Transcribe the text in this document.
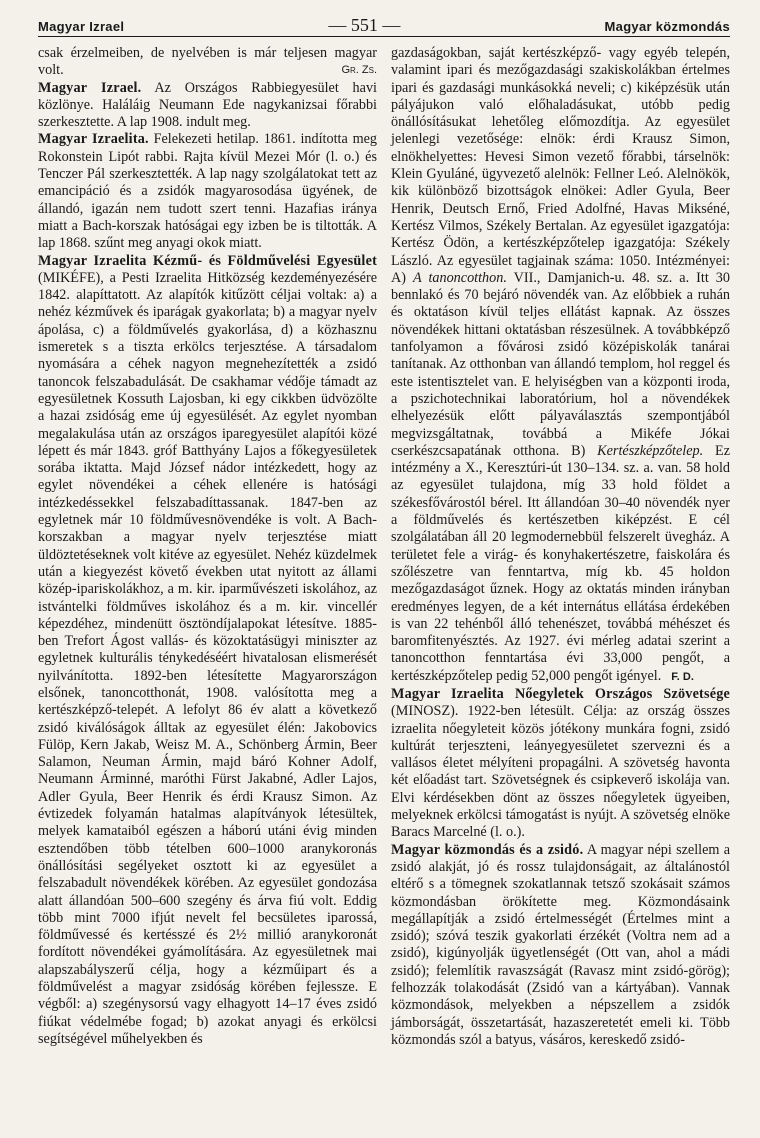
Magyar Izrael	— 551 —	Magyar közmondás

csak érzelmeiben, de nyelvében is már teljesen magyar volt.	Gr. Zs.

Magyar Izrael. Az Országos Rabbiegyesület havi közlönye. Haláláig Neumann Ede nagykanizsai főrabbi szerkesztette. A lap 1908. indult meg.

Magyar Izraelita. Felekezeti hetilap. 1861. indította meg Rokonstein Lipót rabbi. Rajta kívül Mezei Mór (l. o.) és Tenczer Pál szerkesztették. A lap nagy szolgálatokat tett az emancipáció és a zsidók magyarosodása ügyének, de állandó, igazán nem tudott szert tenni. Hazafias iránya miatt a Bach-korszak hatóságai egy izben be is tiltották. A lap 1868. szűnt meg anyagi okok miatt.

Magyar Izraelita Kézmű- és Földművelési Egyesület (MIKÉFE), a Pesti Izraelita Hitközség kezdeményezésére 1842. alapíttatott. Az alapítók kitűzött céljai voltak: a) a nehéz kézművek és iparágak gyakorlata; b) a magyar nyelv ápolása, c) a földművelés gyakorlása, d) a közhasznu ismeretek s a tiszta erkölcs terjesztése. A társadalom nyomására a céhek nagyon megnehezítették a zsidó tanoncok felszabadulását. De csakhamar védője támadt az egyesületnek Kossuth Lajosban, ki egy cikkben üdvözölte a hazai zsidóság eme új egyesülését. Az egylet nyomban megalakulása után az országos iparegyesület alapítói közé lépett és már 1843. gróf Batthyány Lajos a főkegyesületek sorába iktatta. Majd József nádor intézkedett, hogy az egylet növendékei a céhek ellenére is hatósági intézkedéssekkel felszabadíttassanak. 1847-ben az egyletnek már 10 földművesnövendéke is volt. A Bach-korszakban a magyar nyelv terjesztése miatt üldöztetéseknek volt kitéve az egyesület. Nehéz küzdelmek után a kiegyezést követő években utat nyitott az állami közép-ipariskolákhoz, a m. kir. iparművészeti iskolához, az istvántelki földműves iskolához és a m. kir. vincellér képezdéhez, mindenütt ösztöndíjalapokat létesítve. 1885-ben Trefort Ágost vallás- és közoktatásügyi miniszter az egyletnek kulturális ténykedéséért hivatalosan elismerését nyilvánította. 1892-ben létesítette Magyarországon elsőnek, tanoncotthonát, 1908. valósította meg a kertészképző-telepét. A lefolyt 86 év alatt a következő zsidó kiválóságok álltak az egyesület élén: Jakobovics Fülöp, Kern Jakab, Weisz M. A., Schönberg Ármin, Beer Salamon, Neuman Ármin, majd báró Kohner Adolf, Neumann Árminné, maróthi Fürst Jakabné, Adler Lajos, Adler Gyula, Beer Henrik és érdi Krausz Simon. Az évtizedek folyamán hatalmas alapítványok létesültek, melyek kamataiból egészen a háború utáni évig minden esztendőben több tételben 600–1000 aranykoronás önállósítási segélyeket osztott ki az egyesület a felszabadult növendékek körében. Az egyesület gondozása alatt állandóan 500–600 szegény és árva fiú volt. Eddig több mint 7000 ifjút nevelt fel becsületes iparossá, földművessé és kertésszé és 2½ millió aranykoronát fordított növendékei gyámolítására. Az egyesületnek mai alapszabályszerű célja, hogy a kézműipart és a földművelést a magyar zsidóság körében fejlessze. E végből: a) szegénysorsú vagy elhagyott 14–17 éves zsidó fiúkat védelmébe fogad; b) azokat anyagi és erkölcsi segítségével műhelyekben és

gazdaságokban, saját kertészképző- vagy egyéb telepén, valamint ipari és mezőgazdasági szakiskolákban értelmes ipari és gazdasági munkásokká neveli; c) kiképzésük után pályájukon való előhaladásukat, utóbb pedig önállósításukat lehetőleg előmozdítja. Az egyesület jelenlegi vezetősége: elnök: érdi Krausz Simon, elnökhelyettes: Hevesi Simon vezető főrabbi, társelnök: Klein Gyuláné, ügyvezető alelnök: Fellner Leó. Alelnökök, kik különböző bizottságok elnökei: Adler Gyula, Beer Henrik, Deutsch Ernő, Fried Adolfné, Havas Mikséné, Kertész Vilmos, Székely Bertalan. Az egyesület igazgatója: Kertész Ödön, a kertészképzőtelep igazgatója: Székely László. Az egyesület tagjainak száma: 1050. Intézményei: A) A tanoncotthon. VII., Damjanich-u. 48. sz. a. Itt 30 bennlakó és 70 bejáró növendék van. Az előbbiek a ruhán és oktatáson kívül teljes ellátást kapnak. Az összes növendékek hittani oktatásban részesülnek. A továbbképző tanfolyamon a fővárosi zsidó középiskolák tanárai tanítanak. Az otthonban van állandó templom, hol reggel és este istentisztelet van. E helyiségben van a központi iroda, a pszichotechnikai laboratórium, hol a növendékek elhelyezésük előtt pályaválasztás szempontjából megvizsgáltatnak, továbbá a Mikéfe Jókai cserkészcsapatának otthona. B) Kertészképzőtelep. Ez intézmény a X., Keresztúri-út 130–134. sz. a. van. 58 hold az egyesület tulajdona, míg 33 hold földet a székesfővárostól bérel. Itt állandóan 30–40 növendék nyer a földművelés és kertészetben kiképzést. E cél szolgálatában áll 20 legmodernebbül felszerelt üvegház. A területet fele a virág- és konyhakertészetre, faiskolára és szőlészetre van fenntartva, míg kb. 45 holdon mezőgazdaságot űznek. Hogy az oktatás minden irányban eredményes legyen, de a két internátus ellátása érdekében is van 22 tehénből álló tehenészet, továbbá méhészet és baromfitenyésztés. Az 1927. évi mérleg adatai szerint a tanoncotthon fenntartása évi 33,000 pengőt, a kertészképzőtelep pedig 52,000 pengőt igényel. F. D.

Magyar Izraelita Nőegyletek Országos Szövetsége (MINOSZ). 1922-ben létesült. Célja: az ország összes izraelita nőegyleteit közös jótékony munkára fogni, zsidó kultúrát terjeszteni, leányegyesületet szervezni és a vallásos életet mélyíteni propagálni. A szövetség havonta két előadást tart. Szövetségnek és csipkeverő iskolája van. Elvi kérdésekben dönt az összes nőegyletek ügyeiben, melyeknek erkölcsi támogatást is nyújt. A szövetség elnöke Baracs Marcelné (l. o.).

Magyar közmondás és a zsidó. A magyar népi szellem a zsidó alakját, jó és rossz tulajdonságait, az általánostól eltérő s a tömegnek szokatlannak tetsző szokásait számos közmondásban örökítette meg. Közmondásaink megállapítják a zsidó értelmességét (Értelmes mint a zsidó); szóvá teszik gyakorlati érzékét (Voltra nem ad a zsidó), kigúnyolják ügyetlenségét (Ott van, ahol a mádi zsidó); felemlítik ravaszságát (Ravasz mint zsidó-görög); felhozzák tolakodását (Zsidó van a kártyában). Vannak közmondások, melyekben a népszellem a zsidók jámborságát, összetartását, hazaszeretetét emeli ki. Több közmondás szól a batyus, vásáros, kereskedő zsidó-
